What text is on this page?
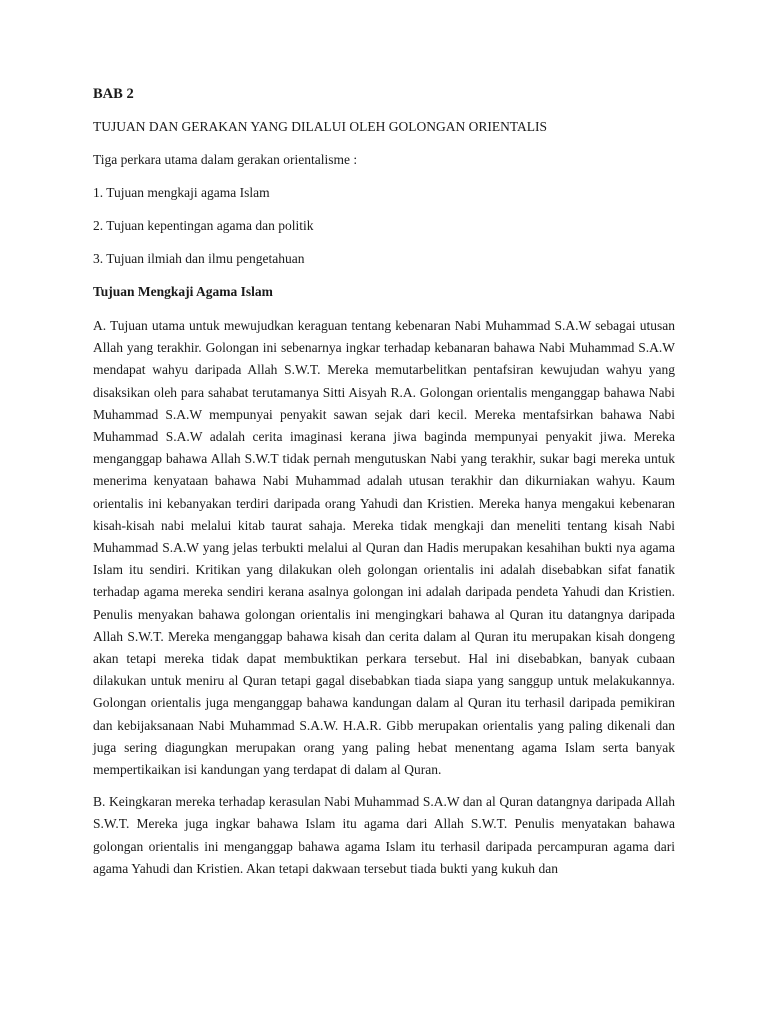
BAB 2
TUJUAN DAN GERAKAN YANG DILALUI OLEH GOLONGAN ORIENTALIS
Tiga perkara utama dalam gerakan orientalisme :
1. Tujuan mengkaji agama Islam
2. Tujuan kepentingan agama dan politik
3. Tujuan ilmiah dan ilmu pengetahuan
Tujuan Mengkaji Agama Islam

A. Tujuan utama untuk mewujudkan keraguan tentang kebenaran Nabi Muhammad S.A.W sebagai utusan Allah yang terakhir. Golongan ini sebenarnya ingkar terhadap kebanaran bahawa Nabi Muhammad S.A.W mendapat wahyu daripada Allah S.W.T. Mereka memutarbelitkan pentafsiran kewujudan wahyu yang disaksikan oleh para sahabat terutamanya Sitti Aisyah R.A. Golongan orientalis menganggap bahawa Nabi Muhammad S.A.W mempunyai penyakit sawan sejak dari kecil. Mereka mentafsirkan bahawa Nabi Muhammad S.A.W adalah cerita imaginasi kerana jiwa baginda mempunyai penyakit jiwa. Mereka menganggap bahawa Allah S.W.T tidak pernah mengutuskan Nabi yang terakhir, sukar bagi mereka untuk menerima kenyataan bahawa Nabi Muhammad adalah utusan terakhir dan dikurniakan wahyu. Kaum orientalis ini kebanyakan terdiri daripada orang Yahudi dan Kristien. Mereka hanya mengakui kebenaran kisah-kisah nabi melalui kitab taurat sahaja. Mereka tidak mengkaji dan meneliti tentang kisah Nabi Muhammad S.A.W yang jelas terbukti melalui al Quran dan Hadis merupakan kesahihan bukti nya agama Islam itu sendiri. Kritikan yang dilakukan oleh golongan orientalis ini adalah disebabkan sifat fanatik terhadap agama mereka sendiri kerana asalnya golongan ini adalah daripada pendeta Yahudi dan Kristien. Penulis menyakan bahawa golongan orientalis ini mengingkari bahawa al Quran itu datangnya daripada Allah S.W.T. Mereka menganggap bahawa kisah dan cerita dalam al Quran itu merupakan kisah dongeng akan tetapi mereka tidak dapat membuktikan perkara tersebut. Hal ini disebabkan, banyak cubaan dilakukan untuk meniru al Quran tetapi gagal disebabkan tiada siapa yang sanggup untuk melakukannya. Golongan orientalis juga menganggap bahawa kandungan dalam al Quran itu terhasil daripada pemikiran dan kebijaksanaan Nabi Muhammad S.A.W. H.A.R. Gibb merupakan orientalis yang paling dikenali dan juga sering diagungkan merupakan orang yang paling hebat menentang agama Islam serta banyak mempertikaikan isi kandungan yang terdapat di dalam al Quran.

B. Keingkaran mereka terhadap kerasulan Nabi Muhammad S.A.W dan al Quran datangnya daripada Allah S.W.T. Mereka juga ingkar bahawa Islam itu agama dari Allah S.W.T. Penulis menyatakan bahawa golongan orientalis ini menganggap bahawa agama Islam itu terhasil daripada percampuran agama dari agama Yahudi dan Kristien. Akan tetapi dakwaan tersebut tiada bukti yang kukuh dan
